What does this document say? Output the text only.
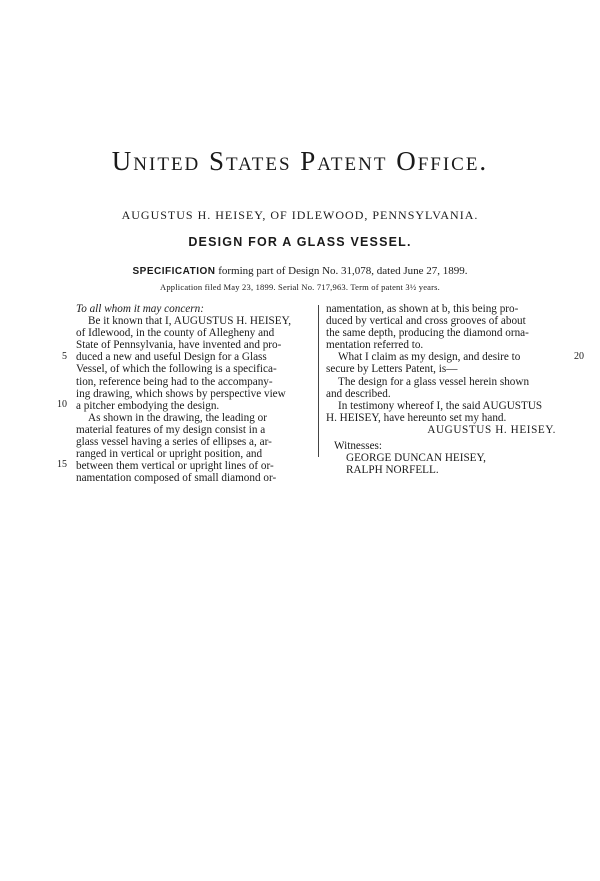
United States Patent Office.
AUGUSTUS H. HEISEY, OF IDLEWOOD, PENNSYLVANIA.
DESIGN FOR A GLASS VESSEL.
SPECIFICATION forming part of Design No. 31,078, dated June 27, 1899.
Application filed May 23, 1899. Serial No. 717,963. Term of patent 3½ years.
To all whom it may concern:
Be it known that I, AUGUSTUS H. HEISEY,
of Idlewood, in the county of Allegheny and
State of Pennsylvania, have invented and pro-
duced a new and useful Design for a Glass
Vessel, of which the following is a specifica-
tion, reference being had to the accompany-
ing drawing, which shows by perspective view
a pitcher embodying the design.
As shown in the drawing, the leading or
material features of my design consist in a
glass vessel having a series of ellipses a, ar-
ranged in vertical or upright position, and
between them vertical or upright lines of or-
namentation composed of small diamond or-
namentation, as shown at b, this being pro-
duced by vertical and cross grooves of about
the same depth, producing the diamond orna-
mentation referred to.
What I claim as my design, and desire to
secure by Letters Patent, is—
The design for a glass vessel herein shown
and described.
In testimony whereof I, the said AUGUSTUS
H. HEISEY, have hereunto set my hand.
AUGUSTUS H. HEISEY.
Witnesses:
GEORGE DUNCAN HEISEY,
RALPH NORFELL.
5
10
15
20
